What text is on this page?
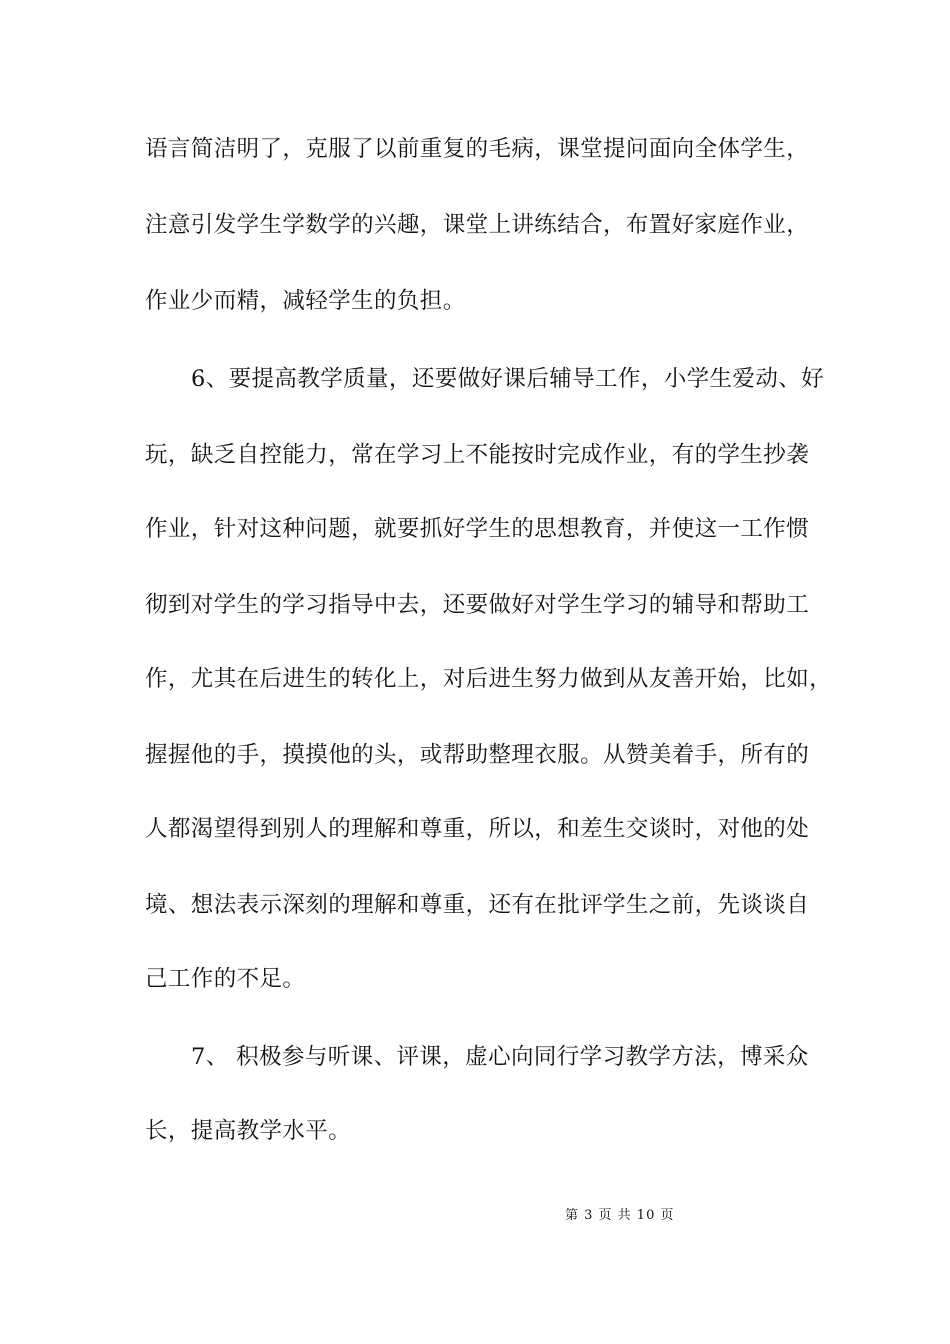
语言简洁明了，克服了以前重复的毛病，课堂提问面向全体学生，
注意引发学生学数学的兴趣，课堂上讲练结合，布置好家庭作业，
作业少而精，减轻学生的负担。
6、要提高教学质量，还要做好课后辅导工作，小学生爱动、好
玩，缺乏自控能力，常在学习上不能按时完成作业，有的学生抄袭
作业，针对这种问题，就要抓好学生的思想教育，并使这一工作惯
彻到对学生的学习指导中去，还要做好对学生学习的辅导和帮助工
作，尤其在后进生的转化上，对后进生努力做到从友善开始，比如，
握握他的手，摸摸他的头，或帮助整理衣服。从赞美着手，所有的
人都渴望得到别人的理解和尊重，所以，和差生交谈时，对他的处
境、想法表示深刻的理解和尊重，还有在批评学生之前，先谈谈自
己工作的不足。
7、 积极参与听课、评课，虚心向同行学习教学方法，博采众
长，提高教学水平。
第 3 页 共 10 页
